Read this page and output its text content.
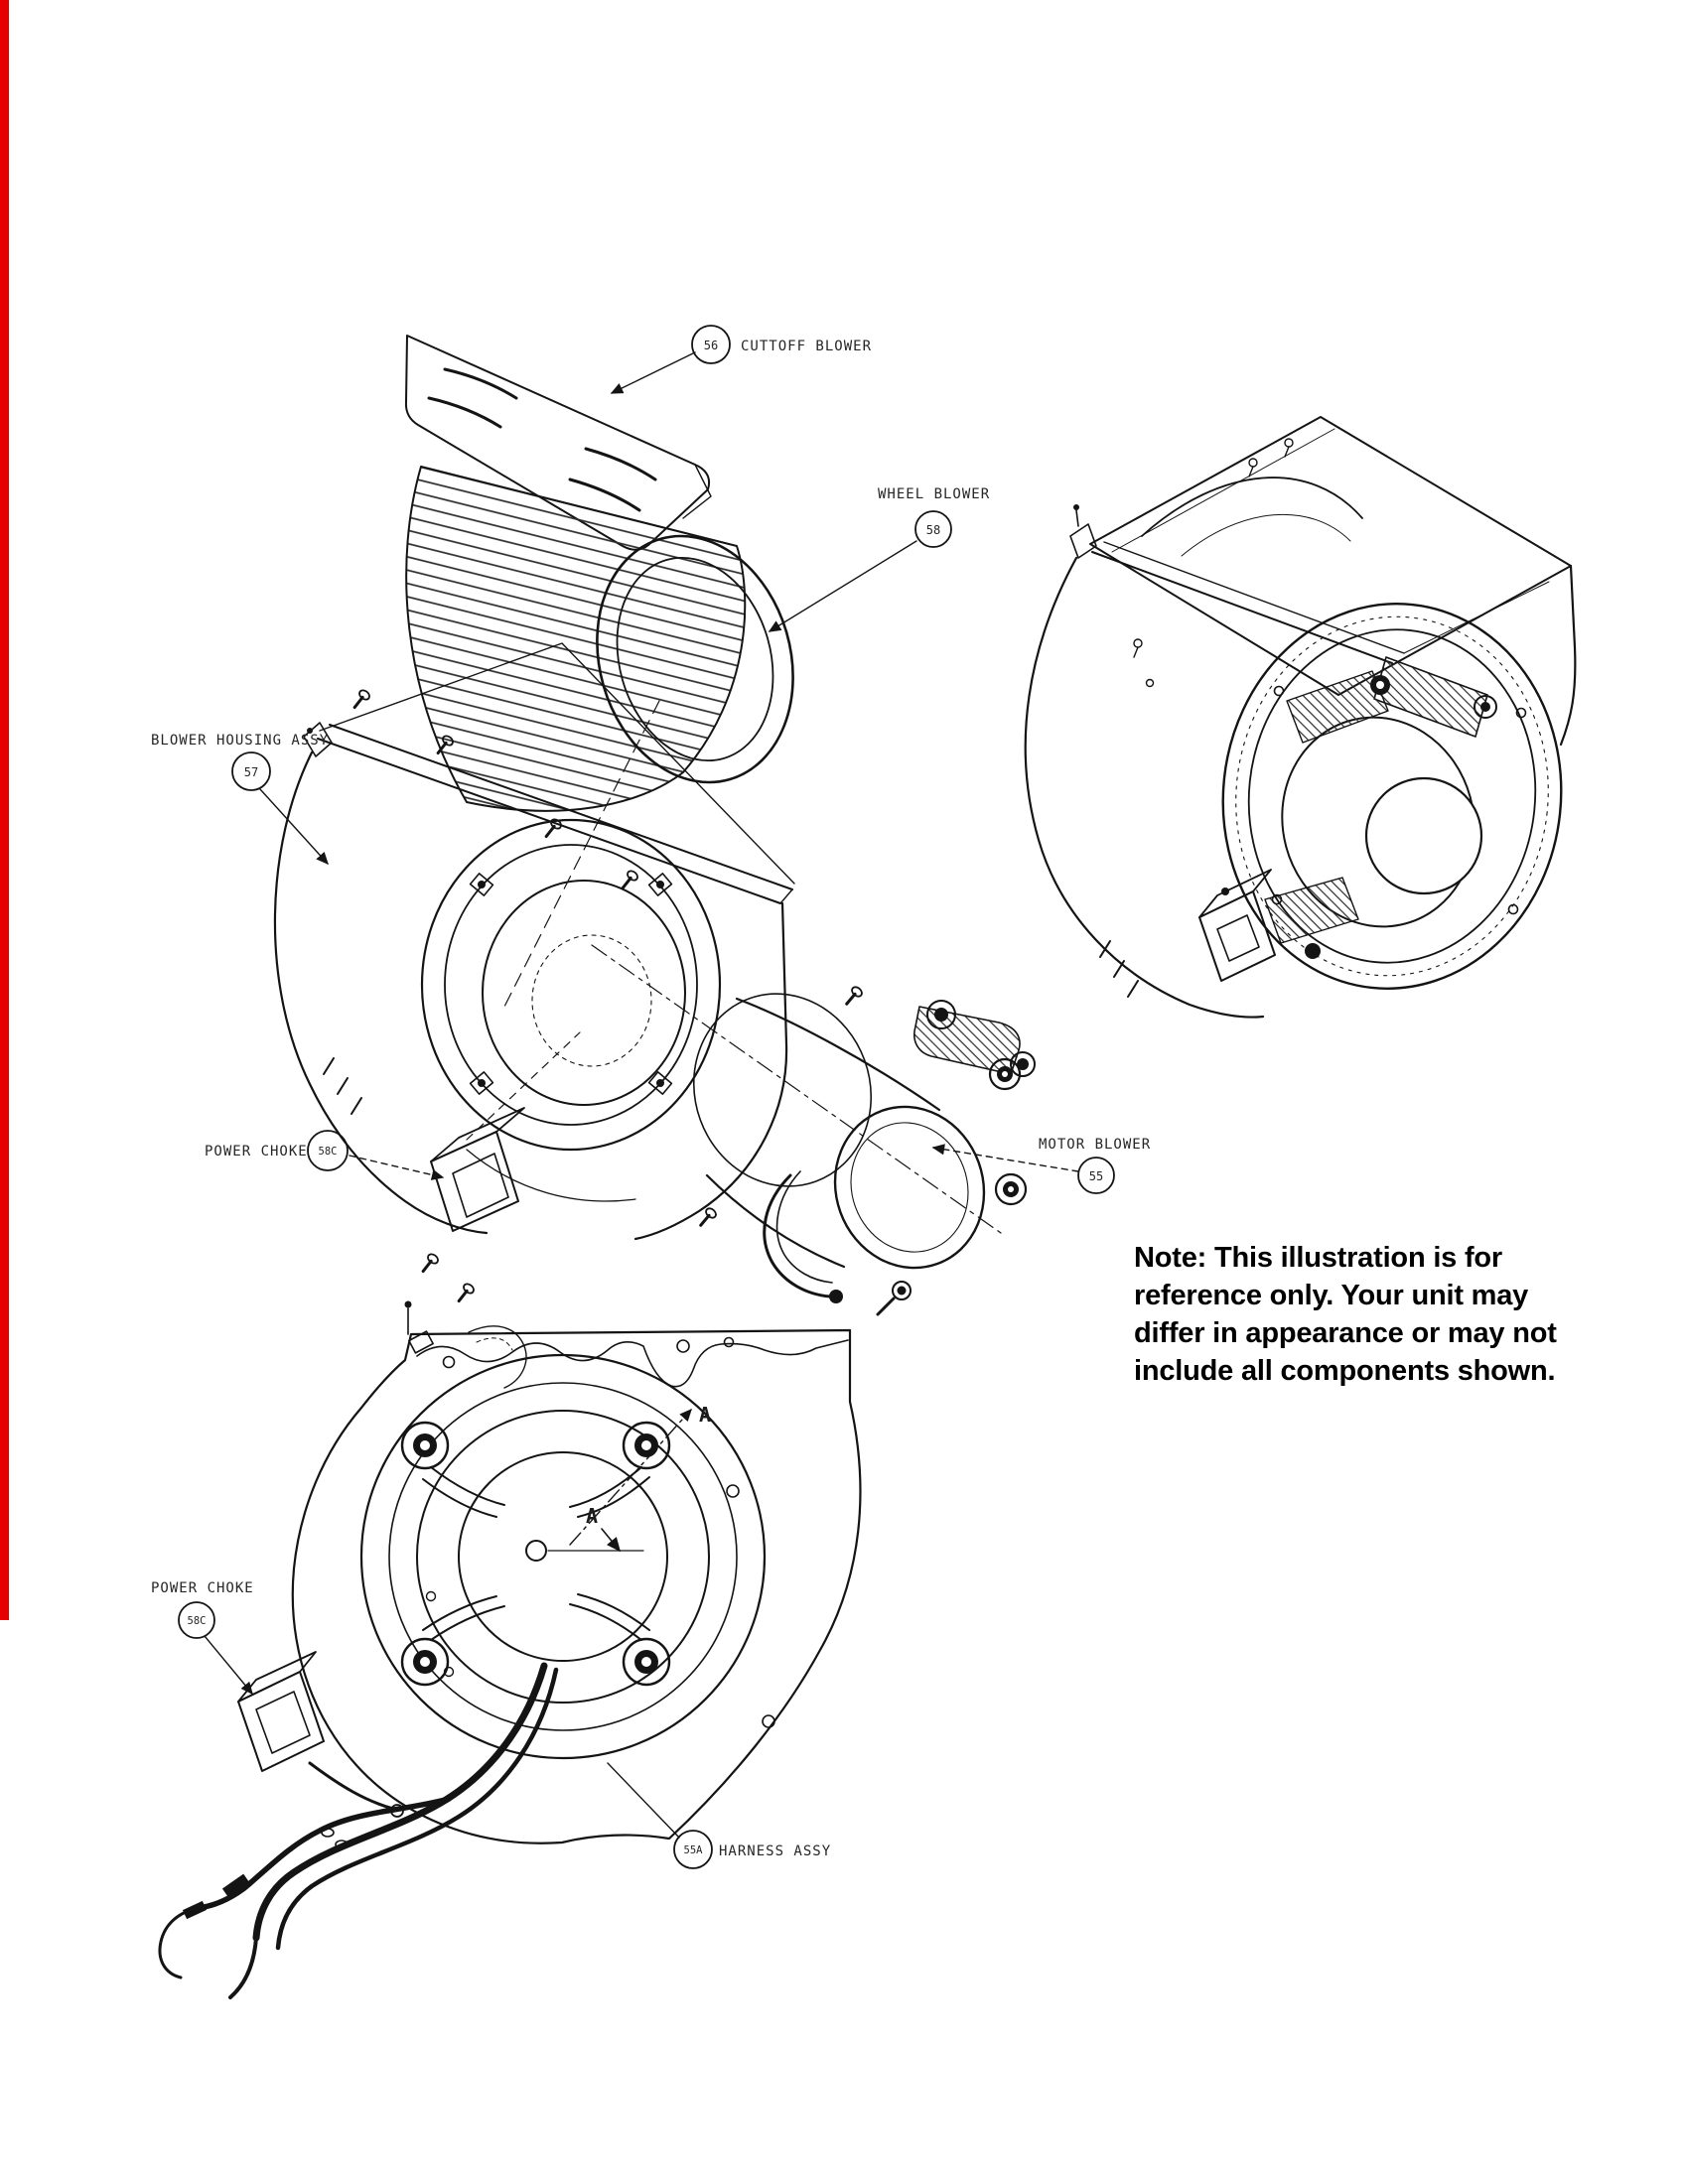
56 CUTTOFF BLOWER
58
WHEEL BLOWER
57
BLOWER HOUSING ASSY
58C
POWER CHOKE
55
MOTOR BLOWER
58C
POWER CHOKE
55A HARNESS ASSY
A
A
Note: This illustration is for
reference only. Your unit may
differ in appearance or may not
include all components shown.
